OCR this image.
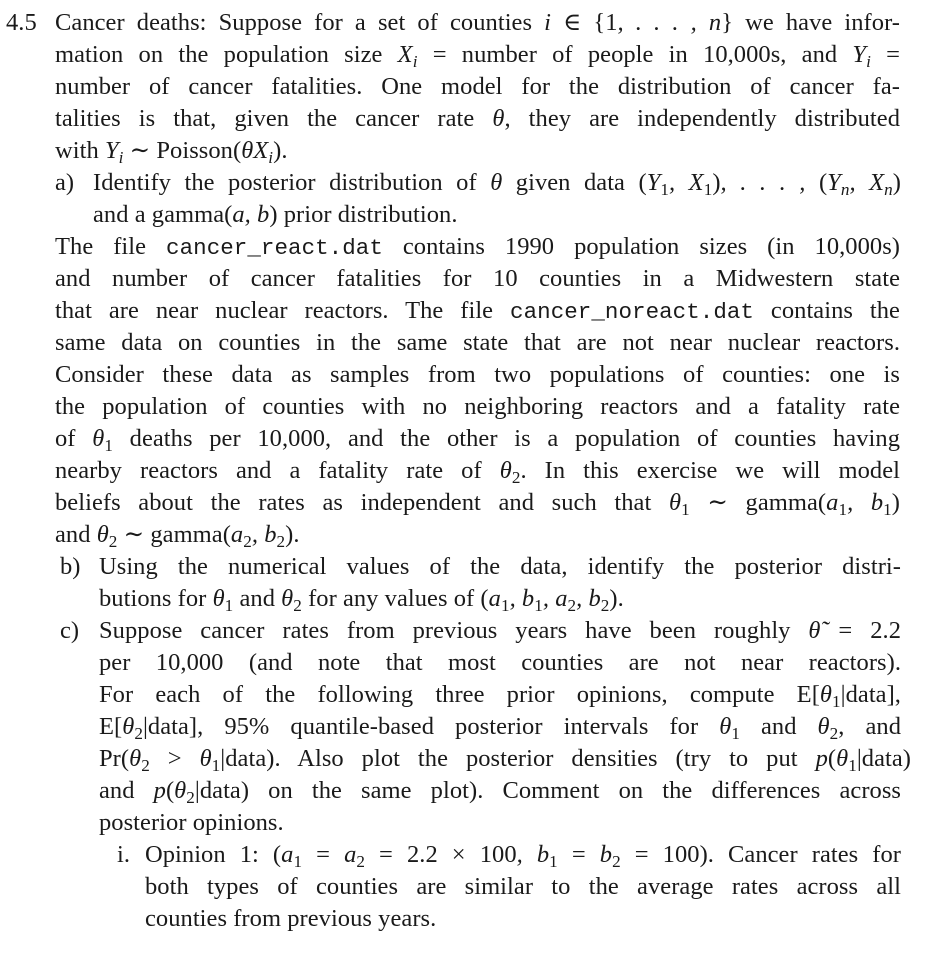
4.5 Cancer deaths: Suppose for a set of counties i ∈ {1, . . . , n} we have infor-
mation on the population size $X_i$ = number of people in 10,000s, and $Y_i$ =
number of cancer fatalities. One model for the distribution of cancer fa-
talities is that, given the cancer rate θ, they are independently distributed
with $Y_i$ ∼ $Poisson(\theta X_i)$.
a) Identify the posterior distribution of θ given data ($Y_1$, $X_1$), . . . , ($Y_n$, $X_n$)
and a gamma(a, b) prior distribution.
The file cancer_react.dat contains 1990 population sizes (in 10,000s)
and number of cancer fatalities for 10 counties in a Midwestern state
that are near nuclear reactors. The file cancer_noreact.dat contains the
same data on counties in the same state that are not near nuclear reactors.
Consider these data as samples from two populations of counties: one is
the population of counties with no neighboring reactors and a fatality rate
of $\theta_1$ deaths per 10,000, and the other is a population of counties having
nearby reactors and a fatality rate of $\theta_2$. In this exercise we will model
beliefs about the rates as independent and such that $\theta_1$ ∼ $gamma(a_1$, $b_1$)
and $\theta_2$ ∼ $gamma(a_2$, $b_2$).
b) Using the numerical values of the data, identify the posterior distri-
butions for $\theta_1$ and $\theta_2$ for any values of ($a_1$, $b_1$, $a_2$, $b_2$).
c) Suppose cancer rates from previous years have been roughly θ̃ = 2.2
per 10,000 (and note that most counties are not near reactors).
For each of the following three prior opinions, compute $E[\theta_1|data]$,
$E[\theta_2|data]$, 95% quantile-based posterior intervals for $\theta_1$ and $\theta_2$, and
$Pr(\theta_2$ > $\theta_1|data$). Also plot the posterior densities (try to put $p(\theta_1|data)$
and $p(\theta_2|data)$ on the same plot). Comment on the differences across
posterior opinions.
i. Opinion 1: ($a_1 = a_2 = 2.2 \times 100$, $b_1 = b_2 = 100$). Cancer rates for
both types of counties are similar to the average rates across all
counties from previous years.
